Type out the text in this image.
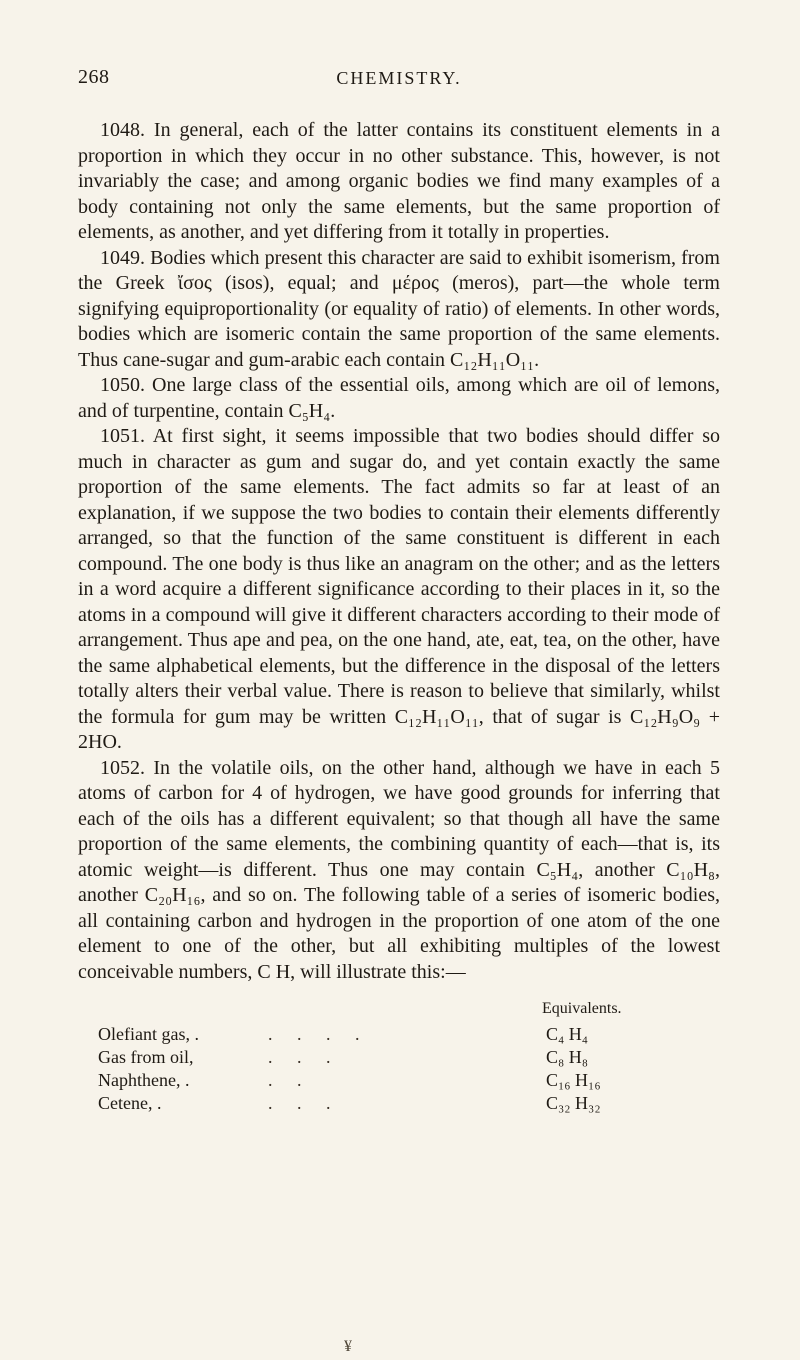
268	CHEMISTRY.

1048. In general, each of the latter contains its constituent elements in a proportion in which they occur in no other substance. This, however, is not invariably the case; and among organic bodies we find many examples of a body containing not only the same elements, but the same proportion of elements, as another, and yet differing from it totally in properties.

1049. Bodies which present this character are said to exhibit isomerism, from the Greek ἴσος (isos), equal; and μέρος (meros), part—the whole term signifying equiproportionality (or equality of ratio) of elements. In other words, bodies which are isomeric contain the same proportion of the same elements. Thus cane-sugar and gum-arabic each contain C₁₂H₁₁O₁₁.

1050. One large class of the essential oils, among which are oil of lemons, and of turpentine, contain C₅H₄.

1051. At first sight, it seems impossible that two bodies should differ so much in character as gum and sugar do, and yet contain exactly the same proportion of the same elements. The fact admits so far at least of an explanation, if we suppose the two bodies to contain their elements differently arranged, so that the function of the same constituent is different in each compound. The one body is thus like an anagram on the other; and as the letters in a word acquire a different significance according to their places in it, so the atoms in a compound will give it different characters according to their mode of arrangement. Thus ape and pea, on the one hand, ate, eat, tea, on the other, have the same alphabetical elements, but the difference in the disposal of the letters totally alters their verbal value. There is reason to believe that similarly, whilst the formula for gum may be written C₁₂H₁₁O₁₁, that of sugar is C₁₂H₉O₉ + 2HO.

1052. In the volatile oils, on the other hand, although we have in each 5 atoms of carbon for 4 of hydrogen, we have good grounds for inferring that each of the oils has a different equivalent; so that though all have the same proportion of the same elements, the combining quantity of each—that is, its atomic weight—is different. Thus one may contain C₅H₄, another C₁₀H₈, another C₂₀H₁₆, and so on. The following table of a series of isomeric bodies, all containing carbon and hydrogen in the proportion of one atom of the one element to one of the other, but all exhibiting multiples of the lowest conceivable numbers, C H, will illustrate this:—

Equivalents.
Olefiant gas, .	. . . .	C₄ H₄
Gas from oil,	. . .	C₈ H₈
Naphthene, .	. .	C₁₆ H₁₆
Cetene, .	. . .	C₃₂ H₃₂
¥
